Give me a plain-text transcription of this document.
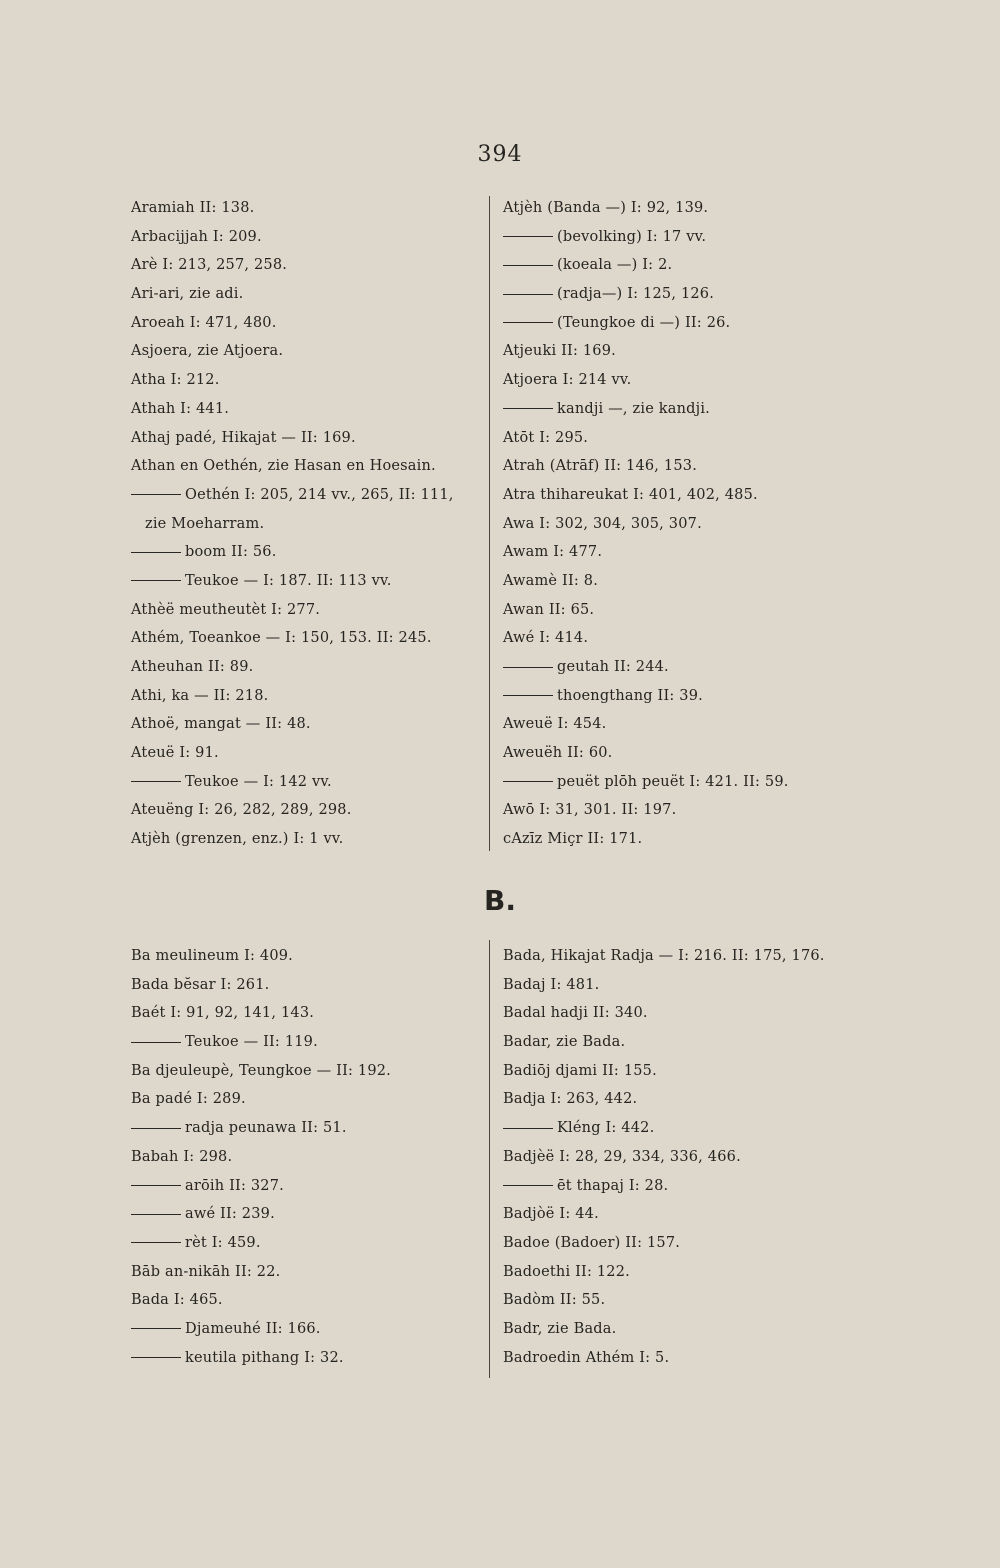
394
Aramiah II: 138.
Arbacijjah I: 209.
Arè I: 213, 257, 258.
Ari-ari, zie adi.
Aroeah I: 471, 480.
Asjoera, zie Atjoera.
Atha I: 212.
Athah I: 441.
Athaj padé, Hikajat — II: 169.
Athan en Oethén, zie Hasan en Hoesain.
Oethén I: 205, 214 vv., 265, II: 111,
zie Moeharram.
boom II: 56.
Teukoe — I: 187. II: 113 vv.
Athèë meutheutèt I: 277.
Athém, Toeankoe — I: 150, 153. II: 245.
Atheuhan II: 89.
Athi, ka — II: 218.
Athoë, mangat — II: 48.
Ateuë I: 91.
Teukoe — I: 142 vv.
Ateuëng I: 26, 282, 289, 298.
Atjèh (grenzen, enz.) I: 1 vv.
Atjèh (Banda —) I: 92, 139.
(bevolking) I: 17 vv.
(koeala —) I: 2.
(radja—) I: 125, 126.
(Teungkoe di —) II: 26.
Atjeuki II: 169.
Atjoera I: 214 vv.
kandji —, zie kandji.
Atōt I: 295.
Atrah (Atrāf) II: 146, 153.
Atra thihareukat I: 401, 402, 485.
Awa I: 302, 304, 305, 307.
Awam I: 477.
Awamè II: 8.
Awan II: 65.
Awé I: 414.
geutah II: 244.
thoengthang II: 39.
Aweuë I: 454.
Aweuëh II: 60.
peuët plōh peuët I: 421. II: 59.
Awō I: 31, 301. II: 197.
cAzīz Miçr II: 171.
B.
Ba meulineum I: 409.
Bada bĕsar I: 261.
Baét I: 91, 92, 141, 143.
Teukoe — II: 119.
Ba djeuleupè, Teungkoe — II: 192.
Ba padé I: 289.
radja peunawa II: 51.
Babah I: 298.
arōih II: 327.
awé II: 239.
rèt I: 459.
Bāb an-nikāh II: 22.
Bada I: 465.
Djameuhé II: 166.
keutila pithang I: 32.
Bada, Hikajat Radja — I: 216. II: 175, 176.
Badaj I: 481.
Badal hadji II: 340.
Badar, zie Bada.
Badiōj djami II: 155.
Badja I: 263, 442.
Kléng I: 442.
Badjèë I: 28, 29, 334, 336, 466.
ēt thapaj I: 28.
Badjòë I: 44.
Badoe (Badoer) II: 157.
Badoethi II: 122.
Badòm II: 55.
Badr, zie Bada.
Badroedin Athém I: 5.
